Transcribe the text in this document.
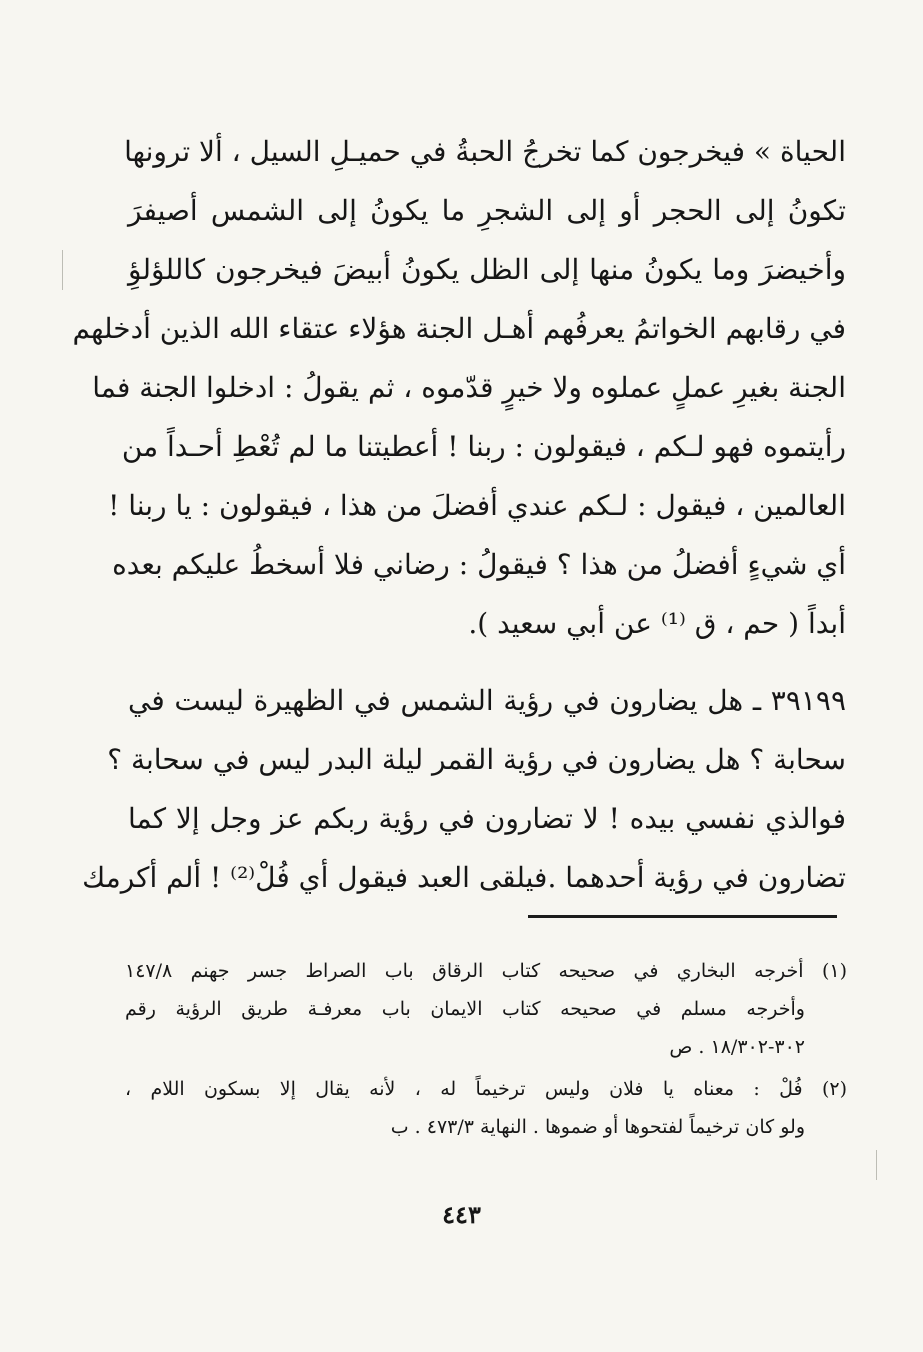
الحياة » فيخرجون كما تخرجُ الحبةُ في حميـلِ السيل ، ألا ترونها
تكونُ إلى الحجر أو إلى الشجرِ ما يكونُ إلى الشمس أصيفرَ
وأخيضرَ وما يكونُ منها إلى الظل يكونُ أبيضَ فيخرجون كاللؤلؤِ
في رقابهم الخواتمُ يعرفُهم أهـل الجنة هؤلاء عتقاء الله الذين أدخلهم
الجنة بغيرِ عملٍ عملوه ولا خيرٍ قدّموه ، ثم يقولُ : ادخلوا الجنة فما
رأيتموه فهو لـكم ، فيقولون : ربنا ! أعطيتنا ما لم تُعْطِ أحـداً من
العالمين ، فيقول : لـكم عندي أفضلَ من هذا ، فيقولون : يا ربنا !
أي شيءٍ أفضلُ من هذا ؟ فيقولُ : رضاني فلا أسخطُ عليكم بعده
أبداً ( حم ، ق ⁽¹⁾ عن أبي سعيد ).
٣٩١٩٩ ـ هل يضارون في رؤية الشمس في الظهيرة ليست في
سحابة ؟ هل يضارون في رؤية القمر ليلة البدر ليس في سحابة ؟
فوالذي نفسي بيده ! لا تضارون في رؤية ربكم عز وجل إلا كما
تضارون في رؤية أحدهما .فيلقى العبد فيقول أي فُلْ⁽²⁾ ! ألم أكرمك
(١) أخرجه البخاري في صحيحه كتاب الرقاق باب الصراط جسر جهنم ١٤٧/٨
وأخرجه مسلم في صحيحه كتاب الايمان باب معرفـة طريق الرؤية رقم
٣٠٢-١٨/٣٠٢ . ص
(٢) فُلْ : معناه يا فلان وليس ترخيماً له ، لأنه يقال إلا بسكون اللام ،
ولو كان ترخيماً لفتحوها أو ضموها . النهاية ٤٧٣/٣ . ب
٤٤٣
